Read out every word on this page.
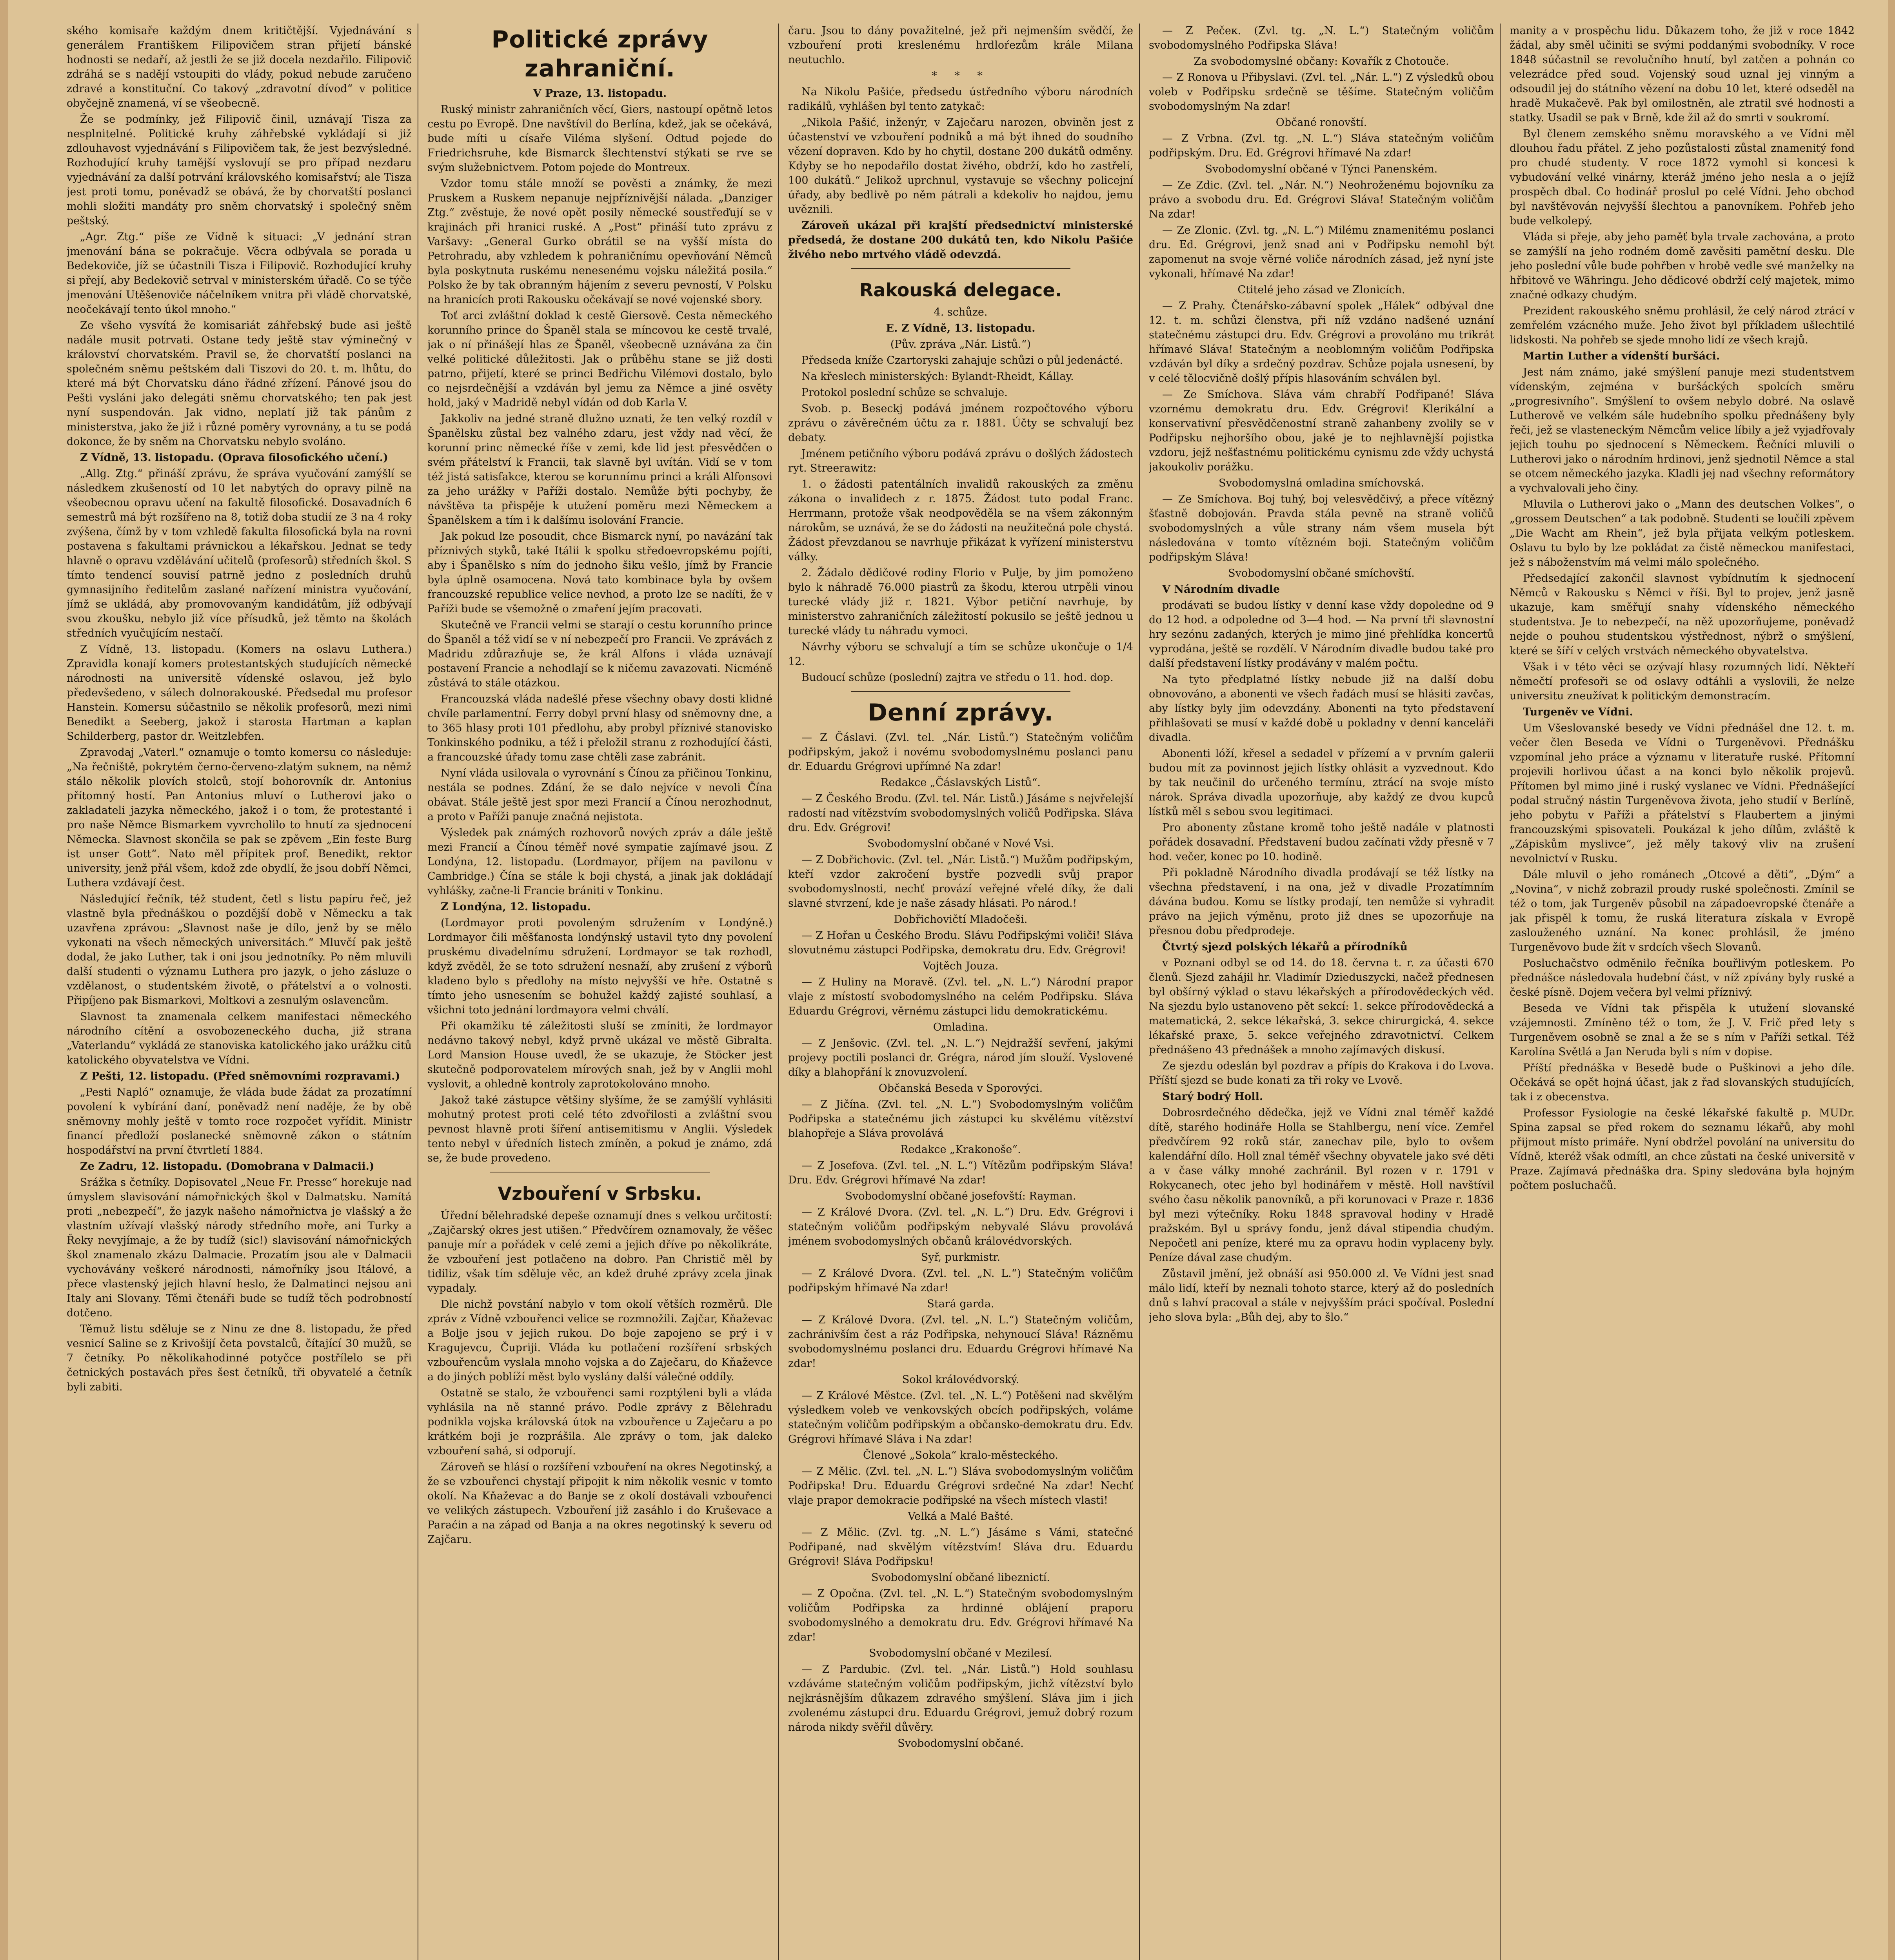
ského komisaře každým dnem kritičtější. Vyjednávání s generálem Františkem Filipovičem stran přijetí bánské hodnosti se nedaří, až jestli že se již docela nezdařilo. Filipovič zdráhá se s nadějí vstoupiti do vlády, pokud nebude zaručeno zdravé a konstituční. Co takový „zdravotní dívod“ v politice obyčejně znamená, ví se všeobecně.

Že se podmínky, jež Filipovič činil, uznávají Tisza za nesplnitelné. Politické kruhy záhřebské vykládají si již zdlouhavost vyjednávání s Filipovičem tak, že jest bezvýsledné. Rozhodující kruhy tamější vyslovují se pro případ nezdaru vyjednávání za další potrvání královského komisařství; ale Tisza jest proti tomu, poněvadž se obává, že by chorvatští poslanci mohli složiti mandáty pro sněm chorvatský i společný sněm peštský.

„Agr. Ztg.“ píše ze Vídně k situaci: „V jednání stran jmenování bána se pokračuje. Věcra odbývala se porada u Bedekoviče, jíž se účastnili Tisza i Filipovič. Rozhodující kruhy si přejí, aby Bedekovič setrval v ministerském úřadě. Co se týče jmenování Utěšenoviče náčelníkem vnitra při vládě chorvatské, neočekávají tento úkol mnoho.“

Ze všeho vysvítá že komisariát záhřebský bude asi ještě nadále musit potrvati. Ostane tedy ještě stav výminečný v království chorvatském. Pravil se, že chorvatští poslanci na společném sněmu peštském dali Tiszovi do 20. t. m. lhůtu, do které má být Chorvatsku dáno řádné zřízení. Pánové jsou do Pešti vysláni jako delegáti sněmu chorvatského; ten pak jest nyní suspendován. Jak vidno, neplatí již tak pánům z ministerstva, jako že již i různé poměry vyrovnány, a tu se podá dokonce, že by sněm na Chorvatsku nebylo svoláno.

Z Vídně, 13. listopadu. (Oprava filosofického učení.)

„Allg. Ztg.“ přináší zprávu, že správa vyučování zamýšlí se následkem zkušeností od 10 let nabytých do opravy pilně na všeobecnou opravu učení na fakultě filosofické. Dosavadních 6 semestrů má být rozšířeno na 8, totiž doba studií ze 3 na 4 roky zvýšena, čímž by v tom vzhledě fakulta filosofická byla na rovni postavena s fakultami právnickou a lékařskou. Jednat se tedy hlavně o opravu vzdělávání učitelů (profesorů) středních škol. S tímto tendencí souvisí patrně jedno z posledních druhů gymnasijního ředitelům zaslané nařízení ministra vyučování, jímž se ukládá, aby promovovaným kandidátům, jíž odbývají svou zkoušku, nebylo již více přísudků, jež těmto na školách středních vyučujícím nestačí.

Z Vídně, 13. listopadu. (Komers na oslavu Luthera.) Zpravidla konají komers protestantských studujících německé národnosti na universitě vídenské oslavou, jež bylo předevšedeno, v sálech dolnorakouské. Předsedal mu profesor Hanstein. Komersu súčastnilo se několik profesorů, mezi nimi Benedikt a Seeberg, jakož i starosta Hartman a kaplan Schilderberg, pastor dr. Weitzlebfen.

Zpravodaj „Vaterl.“ oznamuje o tomto komersu co následuje: „Na řečniště, pokrytém černo-červeno-zlatým suknem, na němž stálo několik plovích stolců, stojí bohorovník dr. Antonius přítomný hostí. Pan Antonius mluví o Lutherovi jako o zakladateli jazyka německého, jakož i o tom, že protestanté i pro naše Němce Bismarkem vyvrcholilo to hnutí za sjednocení Německa. Slavnost skončila se pak se zpěvem „Ein feste Burg ist unser Gott“. Nato měl přípitek prof. Benedikt, rektor university, jenž přál všem, kdož zde obydlí, že jsou dobří Němci, Luthera vzdávají čest.

Následující řečník, též student, četl s listu papíru řeč, jež vlastně byla přednáškou o pozdější době v Německu a tak uzavřena zprávou: „Slavnost naše je dílo, jenž by se mělo vykonati na všech německých universitách.“ Mluvčí pak ještě dodal, že jako Luther, tak i oni jsou jednotníky. Po něm mluvili další studenti o významu Luthera pro jazyk, o jeho zásluze o vzdělanost, o studentském životě, o přátelství a o volnosti. Připíjeno pak Bismarkovi, Moltkovi a zesnulým oslavencům.

Slavnost ta znamenala celkem manifestaci německého národního cítění a osvobozeneckého ducha, již strana „Vaterlandu“ vykládá ze stanoviska katolického jako urážku citů katolického obyvatelstva ve Vídni.

Z Pešti, 12. listopadu. (Před sněmovními rozpravami.)

„Pesti Napló“ oznamuje, že vláda bude žádat za prozatímní povolení k vybírání daní, poněvadž není naděje, že by obě sněmovny mohly ještě v tomto roce rozpočet vyřídit. Ministr financí předloží poslanecké sněmovně zákon o státním hospodářství na první čtvrtletí 1884.

Ze Zadru, 12. listopadu. (Domobrana v Dalmacii.)

Srážka s četníky. Dopisovatel „Neue Fr. Presse“ horekuje nad úmyslem slavisování námořnických škol v Dalmatsku. Namítá proti „nebezpečí“, že jazyk našeho námořnictva je vlašský a že vlastním užívají vlašský národy středního moře, ani Turky a Řeky nevyjímaje, a že by tudíž (sic!) slavisování námořnických škol znamenalo zkázu Dalmacie. Prozatím jsou ale v Dalmacii vychovávány veškeré národnosti, námořníky jsou Itálové, a přece vlastenský jejich hlavní heslo, že Dalmatinci nejsou ani Italy ani Slovany. Těmi čtenáři bude se tudíž těch podrobností dotčeno.

Těmuž listu sděluje se z Ninu ze dne 8. listopadu, že před vesnicí Saline se z Krivošijí četa povstalců, čítající 30 mužů, se 7 četníky. Po několikahodinné potyčce postřílelo se při četnických postavách přes šest četníků, tři obyvatelé a četník byli zabiti.

Politické zprávy zahraniční.

V Praze, 13. listopadu.

Ruský ministr zahraničních věcí, Giers, nastoupí opětně letos cestu po Evropě. Dne navštívil do Berlína, kdež, jak se očekává, bude míti u císaře Viléma slyšení. Odtud pojede do Friedrichsruhe, kde Bismarck šlechtenství stýkati se rve se svým služebnictvem. Potom pojede do Montreux.

Vzdor tomu stále množí se pověsti a známky, že mezi Pruskem a Ruskem nepanuje nejpříznivější nálada. „Danziger Ztg.“ zvěstuje, že nové opět posily německé soustřeďují se v krajinách při hranici ruské. A „Post“ přináší tuto zprávu z Varšavy: „General Gurko obrátil se na vyšší místa do Petrohradu, aby vzhledem k pohraničnímu opevňování Němců byla poskytnuta ruskému nenesenému vojsku náležitá posila.“ Polsko že by tak obranným hájením z severu pevností, V Polsku na hranicích proti Rakousku očekávají se nové vojenské sbory.

Toť arci zvláštní doklad k cestě Giersově. Cesta německého korunního prince do Španěl stala se míncovou ke cestě trvalé, jak o ní přinášejí hlas ze Španěl, všeobecně uznávána za čin velké politické důležitosti. Jak o průběhu stane se již dosti patrno, přijetí, které se princi Bedřichu Vilémovi dostalo, bylo co nejsrdečnější a vzdáván byl jemu za Němce a jiné osvěty hold, jaký v Madridě nebyl vídán od dob Karla V.

Jakkoliv na jedné straně dlužno uznati, že ten velký rozdíl v Španělsku zůstal bez valného zdaru, jest vždy nad věcí, že korunní princ německé říše v zemi, kde lid jest přesvědčen o svém přátelství k Francii, tak slavně byl uvítán. Vidí se v tom též jistá satisfakce, kterou se korunnímu princi a králi Alfonsovi za jeho urážky v Paříži dostalo. Nemůže býti pochyby, že návštěva ta přispěje k utužení poměru mezi Německem a Španělskem a tím i k dalšímu isolování Francie.

Jak pokud lze posoudit, chce Bismarck nyní, po navázání tak příznivých styků, také Itálii k spolku středoevropskému pojíti, aby i Španělsko s ním do jednoho šiku vešlo, jímž by Francie byla úplně osamocena. Nová tato kombinace byla by ovšem francouzské republice velice nevhod, a proto lze se nadíti, že v Paříži bude se všemožně o zmaření jejím pracovati.

Skutečně ve Francii velmi se starají o cestu korunního prince do Španěl a též vidí se v ní nebezpečí pro Francii. Ve zprávách z Madridu zdůrazňuje se, že král Alfons i vláda uznávají postavení Francie a nehodlají se k ničemu zavazovati. Nicméně zůstává to stále otázkou.

Francouzská vláda nadešlé přese všechny obavy dosti klidné chvíle parlamentní. Ferry dobyl první hlasy od sněmovny dne, a to 365 hlasy proti 101 předlohu, aby probyl příznivé stanovisko Tonkinského podniku, a též i přeložil stranu z rozhodující části, a francouzské úřady tomu zase chtěli zase zabránit.

Nyní vláda usilovala o vyrovnání s Čínou za přičinou Tonkinu, nestála se podnes. Zdání, že se dalo nejvíce v nevoli Čína obávat. Stále ještě jest spor mezi Francií a Čínou nerozhodnut, a proto v Paříži panuje značná nejistota.

Výsledek pak známých rozhovorů nových zpráv a dále ještě mezi Francií a Čínou téměř nové sympatie zajímavé jsou. Z Londýna, 12. listopadu. (Lordmayor, příjem na pavilonu v Cambridge.) Čína se stále k boji chystá, a jinak jak dokládají vyhlášky, začne-li Francie brániti v Tonkinu.

Z Londýna, 12. listopadu.

(Lordmayor proti povoleným sdružením v Londýně.) Lordmayor čili měšťanosta londýnský ustavil tyto dny povolení pruskému divadelnímu sdružení. Lordmayor se tak rozhodl, když zvěděl, že se toto sdružení nesnaží, aby zrušení z výborů kladeno bylo s předlohy na místo nejvyšší ve hře. Ostatně s tímto jeho usnesením se bohužel každý zajisté souhlasí, a všichni toto jednání lordmayora velmi chválí.

Při okamžiku té záležitosti sluší se zmíniti, že lordmayor nedávno takový nebyl, když prvně ukázal ve městě Gibralta. Lord Mansion House uvedl, že se ukazuje, že Stöcker jest skutečně podporovatelem mírových snah, jež by v Anglii mohl vyslovit, a ohledně kontroly zaprotokolováno mnoho.

Jakož také zástupce většiny slyšíme, že se zamýšlí vyhlásiti mohutný protest proti celé této zdvořilosti a zvláštní svou pevnost hlavně proti šíření antisemitismu v Anglii. Výsledek tento nebyl v úředních listech zmíněn, a pokud je známo, zdá se, že bude provedeno.

Vzbouření v Srbsku.

Úřední bělehradské depeše oznamují dnes s velkou určitostí: „Zajčarský okres jest utišen.“ Předvčírem oznamovaly, že věšec panuje mír a pořádek v celé zemi a jejich dříve po několikráte, že vzbouření jest potlačeno na dobro. Pan Christič měl by tidiliz, však tím sděluje věc, an kdež druhé zprávy zcela jinak vypadaly.

Dle nichž povstání nabylo v tom okolí větších rozměrů. Dle zpráv z Vídně vzbouřenci velice se rozmnožili. Zajčar, Kňaževac a Bolje jsou v jejich rukou. Do boje zapojeno se prý i v Kragujevcu, Čupriji. Vláda ku potlačení rozšíření srbských vzbouřencům vyslala mnoho vojska a do Zaječaru, do Kňaževce a do jiných poblíží měst bylo vyslány další válečné oddíly.

Ostatně se stalo, že vzbouřenci sami rozptýleni byli a vláda vyhlásila na ně stanné právo. Podle zprávy z Bělehradu podnikla vojska královská útok na vzbouřence u Zaječaru a po krátkém boji je rozprášila. Ale zprávy o tom, jak daleko vzbouření sahá, si odporují.

Zároveň se hlásí o rozšíření vzbouření na okres Negotinský, a že se vzbouřenci chystají připojit k nim několik vesnic v tomto okolí. Na Kňaževac a do Banje se z okolí dostávali vzbouřenci ve velikých zástupech. Vzbouření již zasáhlo i do Kruševace a Paraćin a na západ od Banja a na okres negotinský k severu od Zajčaru.

čaru. Jsou to dány považitelné, jež při nejmenším svědčí, že vzbouření proti kreslenému hrdloŕezům krále Milana neutuchlo.

* * *

Na Nikolu Pašiće, předsedu ústředního výboru národních radikálů, vyhlášen byl tento zatykač:

„Nikola Pašić, inženýr, v Zaječaru narozen, obviněn jest z účastenství ve vzbouření podniků a má být ihned do soudního vězení dopraven. Kdo by ho chytil, dostane 200 dukátů odměny. Kdyby se ho nepodařilo dostat živého, obdrží, kdo ho zastřelí, 100 dukátů.“ Jelikož uprchnul, vystavuje se všechny policejní úřady, aby bedlivě po něm pátrali a kdekoliv ho najdou, jemu uvěznili.

Zároveň ukázal při krajští předsednictví ministerské předsedá, že dostane 200 dukátů ten, kdo Nikolu Pašiće živého nebo mrtvého vládě odevzdá.

Rakouská delegace.

4. schůze.

E. Z Vídně, 13. listopadu.

(Pův. zpráva „Nár. Listů.“)

Předseda kníže Czartoryski zahajuje schůzi o půl jedenácté.

Na křeslech ministerských: Bylandt-Rheidt, Kállay.

Protokol poslední schůze se schvaluje.

Svob. p. Beseckj podává jménem rozpočtového výboru zprávu o závěrečném účtu za r. 1881. Účty se schvalují bez debaty.

Jménem petičního výboru podává zprávu o došlých žádostech ryt. Streerawitz:

1. o žádosti patentálních invalidů rakouských za změnu zákona o invalidech z r. 1875. Žádost tuto podal Franc. Herrmann, protože však neodpověděla se na všem zákonným nárokům, se uznává, že se do žádosti na neužitečná pole chystá. Žádost převzdanou se navrhuje přikázat k vyřízení ministerstvu války.

2. Žádalo dědičové rodiny Florio v Pulje, by jim pomoženo bylo k náhradě 76.000 piastrů za škodu, kterou utrpěli vinou turecké vlády již r. 1821. Výbor petiční navrhuje, by ministerstvo zahraničních záležitostí pokusilo se ještě jednou u turecké vlády tu náhradu vymoci.

Návrhy výboru se schvalují a tím se schůze ukončuje o 1/4 12.

Budoucí schůze (poslední) zajtra ve středu o 11. hod. dop.

Denní zprávy.

— Z Čáslavi. (Zvl. tel. „Nár. Listů.“) Statečným voličům podřipským, jakož i novému svobodomyslnému poslanci panu dr. Eduardu Grégrovi upřímné Na zdar!

Redakce „Čáslavských Listů“.

— Z Českého Brodu. (Zvl. tel. Nár. Listů.) Jásáme s nejvřelejší radostí nad vítězstvím svobodomyslných voličů Podřipska. Sláva dru. Edv. Grégrovi!

Svobodomyslní občané v Nové Vsi.

— Z Dobřichovic. (Zvl. tel. „Nár. Listů.“) Mužům podřipským, kteří vzdor zakročení bystře pozvedli svůj prapor svobodomyslnosti, nechť provází veřejné vřelé díky, že dali slavné stvrzení, kde je naše zásady hlásati. Po národ.!

Dobřichovičtí Mladočeši.

— Z Hořan u Českého Brodu. Slávu Podřipskými voliči! Sláva slovutnému zástupci Podřipska, demokratu dru. Edv. Grégrovi!

Vojtěch Jouza.

— Z Huliny na Moravě. (Zvl. tel. „N. L.“) Národní prapor vlaje z místostí svobodomyslného na celém Podřipsku. Sláva Eduardu Grégrovi, věrnému zástupci lidu demokratickému.

Omladina.

— Z Jenšovic. (Zvl. tel. „N. L.“) Nejdražší sevření, jakými projevy poctili poslanci dr. Grégra, národ jím slouží. Vyslovené díky a blahopřání k znovuzvolení.

Občanská Beseda v Sporovýci.

— Z Jičína. (Zvl. tel. „N. L.“) Svobodomyslným voličům Podřipska a statečnému jich zástupci ku skvělému vítězství blahopřeje a Sláva provolává

Redakce „Krakonoše“.

— Z Josefova. (Zvl. tel. „N. L.“) Vítězům podřipským Sláva! Dru. Edv. Grégrovi hřímavé Na zdar!

Svobodomyslní občané josefovští: Rayman.

— Z Králové Dvora. (Zvl. tel. „N. L.“) Dru. Edv. Grégrovi i statečným voličům podřipským nebyvalé Slávu provolává jménem svobodomyslných občanů královédvorských.

Syř, purkmistr.

— Z Králové Dvora. (Zvl. tel. „N. L.“) Statečným voličům podřipským hřímavé Na zdar!

Stará garda.

— Z Králové Dvora. (Zvl. tel. „N. L.“) Statečným voličům, zachránivším čest a ráz Podřipska, nehynoucí Sláva! Rázněmu svobodomyslnému poslanci dru. Eduardu Grégrovi hřímavé Na zdar!

Sokol královédvorský.

— Z Králové Městce. (Zvl. tel. „N. L.“) Potěšeni nad skvělým výsledkem voleb ve venkovských obcích podřipských, voláme statečným voličům podřipským a občansko-demokratu dru. Edv. Grégrovi hřímavé Sláva i Na zdar!

Členové „Sokola“ kralo-městeckého.

— Z Mělic. (Zvl. tel. „N. L.“) Sláva svobodomyslným voličům Podřipska! Dru. Eduardu Grégrovi srdečné Na zdar! Nechť vlaje prapor demokracie podřipské na všech místech vlasti!

Velká a Malé Bašté.

— Z Mělic. (Zvl. tg. „N. L.“) Jásáme s Vámi, statečné Podřipané, nad skvělým vítězstvím! Sláva dru. Eduardu Grégrovi! Sláva Podřipsku!

Svobodomyslní občané libeznictí.

— Z Opočna. (Zvl. tel. „N. L.“) Statečným svobodomyslným voličům Podřipska za hrdinné oblájení praporu svobodomyslného a demokratu dru. Edv. Grégrovi hřímavé Na zdar!

Svobodomyslní občané v Mezilesí.

— Z Pardubic. (Zvl. tel. „Nár. Listů.“) Hold souhlasu vzdáváme statečným voličům podřipským, jichž vítězství bylo nejkrásnějším důkazem zdravého smýšlení. Sláva jim i jich zvolenému zástupci dru. Eduardu Grégrovi, jemuž dobrý rozum národa nikdy svěřil důvěry.

Svobodomyslní občané.

— Z Pečeк. (Zvl. tg. „N. L.“) Statečným voličům svobodomyslného Podřipska Sláva!

Za svobodomyslné občany: Kovařík z Chotouče.

— Z Ronova u Přibyslavi. (Zvl. tel. „Nár. L.“) Z výsledků obou voleb v Podřipsku srdečně se těšíme. Statečným voličům svobodomyslným Na zdar!

Občané ronovští.

— Z Vrbna. (Zvl. tg. „N. L.“) Sláva statečným voličům podřipským. Dru. Ed. Grégrovi hřímavé Na zdar!

Svobodomyslní občané v Týnci Panenském.

— Ze Zdic. (Zvl. tel. „Nár. N.“) Neohroženému bojovníku za právo a svobodu dru. Ed. Grégrovi Sláva! Statečným voličům Na zdar!

— Ze Zlonic. (Zvl. tg. „N. L.“) Milému znamenitému poslanci dru. Ed. Grégrovi, jenž snad ani v Podřipsku nemohl být zapomenut na svoje věrné voliče národních zásad, jež nyní jste vykonali, hřímavé Na zdar!

Ctitelé jeho zásad ve Zlonicích.

— Z Prahy. Čtenářsko-zábavní spolek „Hálek“ odbýval dne 12. t. m. schůzi členstva, při níž vzdáno nadšené uznání statečnému zástupci dru. Edv. Grégrovi a provoláno mu trikrát hřímavé Sláva! Statečným a neoblomným voličům Podřipska vzdáván byl díky a srdečný pozdrav. Schůze pojala usnesení, by v celé tělocvičně došlý přípis hlasováním schválen byl.

— Ze Smíchova. Sláva vám chrabří Podřipané! Sláva vzornému demokratu dru. Edv. Grégrovi! Klerikální a konservativní přesvědčenostní straně zahanbeny zvolily se v Podřipsku nejhoršího obou, jaké je to nejhlavnější pojistka vzdoru, jejž nešťastnému politickému cynismu zde vždy uchystá jakoukoliv porážku.

Svobodomyslná omladina smíchovská.

— Ze Smíchova. Boj tuhý, boj velesvědčivý, a přece vítězný šťastně dobojován. Pravda stála pevně na straně voličů svobodomyslných a vůle strany nám všem musela být následována v tomto vítězném boji. Statečným voličům podřipským Sláva!

Svobodomyslní občané smíchovští.

V Národním divadle

prodávati se budou lístky v denní kase vždy dopoledne od 9 do 12 hod. a odpoledne od 3—4 hod. — Na první tři slavnostní hry sezónu zadaných, kterých je mimo jiné přehlídka koncertů vyprodána, ještě se rozdělí. V Národním divadle budou také pro další představení lístky prodávány v malém počtu.

Na tyto předplatné lístky nebude již na další dobu obnovováno, a abonenti ve všech řadách musí se hlásiti zavčas, aby lístky byly jim odevzdány. Abonenti na tyto představení přihlašovati se musí v každé době u pokladny v denní kanceláři divadla.

Abonenti lóží, křesel a sedadel v přízemí a v prvním galerii budou mít za povinnost jejich lístky ohlásit a vyzvednout. Kdo by tak neučinil do určeného termínu, ztrácí na svoje místo nárok. Správa divadla upozorňuje, aby každý ze dvou kupců lístků měl s sebou svou legitimaci.

Pro abonenty zůstane kromě toho ještě nadále v platnosti pořádek dosavadní. Představení budou začínati vždy přesně v 7 hod. večer, konec po 10. hodině.

Při pokladně Národního divadla prodávají se též lístky na všechna představení, i na ona, jež v divadle Prozatímním dávána budou. Komu se lístky prodají, ten nemůže si vyhradit právo na jejich výměnu, proto již dnes se upozorňuje na přesnou dobu předprodeje.

Čtvrtý sjezd polských lékařů a přírodníků

v Poznani odbyl se od 14. do 18. června t. r. za účasti 670 členů. Sjezd zahájil hr. Vladimír Dzieduszycki, načež přednesen byl obšírný výklad o stavu lékařských a přírodovědeckých věd. Na sjezdu bylo ustanoveno pět sekcí: 1. sekce přírodovědecká a matematická, 2. sekce lékařská, 3. sekce chirurgická, 4. sekce lékařské praxe, 5. sekce veřejného zdravotnictví. Celkem přednášeno 43 přednášek a mnoho zajímavých diskusí.

Ze sjezdu odeslán byl pozdrav a přípis do Krakova i do Lvova. Příští sjezd se bude konati za tři roky ve Lvově.

Starý bodrý Holl.

Dobrosrdečného dědečka, jejž ve Vídni znal téměř každé dítě, starého hodináře Holla se Stahlbergu, není více. Zemřel předvčírem 92 roků stár, zanechav pile, bylo to ovšem kalendářní dílo. Holl znal téměř všechny obyvatele jako své děti a v čase války mnohé zachránil. Byl rozen v r. 1791 v Rokycanech, otec jeho byl hodinářem v městě. Holl navštívil svého času několik panovníků, a při korunovaci v Praze r. 1836 byl mezi výtečníky. Roku 1848 spravoval hodiny v Hradě pražském. Byl u správy fondu, jenž dával stipendia chudým. Nepočetl ani peníze, které mu za opravu hodin vyplaceny byly. Peníze dával zase chudým.

Zůstavil jmění, jež obnáší asi 950.000 zl. Ve Vídni jest snad málo lidí, kteří by neznali tohoto starce, který až do posledních dnů s lahví pracoval a stále v nejvyšším práci spočíval. Poslední jeho slova byla: „Bůh dej, aby to šlo.“

manity a v prospěchu lidu. Důkazem toho, že již v roce 1842 žádal, aby směl učiniti se svými poddanými svobodníky. V roce 1848 súčastnil se revolučního hnutí, byl zatčen a pohnán co velezrádce před soud. Vojenský soud uznal jej vinným a odsoudil jej do státního vězení na dobu 10 let, které odseděl na hradě Mukačevě. Pak byl omilostněn, ale ztratil své hodnosti a statky. Usadil se pak v Brně, kde žil až do smrti v soukromí.

Byl členem zemského sněmu moravského a ve Vídni měl dlouhou řadu přátel. Z jeho pozůstalosti zůstal znamenitý fond pro chudé studenty. V roce 1872 vymohl si koncesi k vybudování velké vinárny, kteráž jméno jeho nesla a o jejíž prospěch dbal. Co hodinář proslul po celé Vídni. Jeho obchod byl navštěvován nejvyšší šlechtou a panovníkem. Pohřeb jeho bude velkolepý.

Vláda si přeje, aby jeho paměť byla trvale zachována, a proto se zamýšlí na jeho rodném domě zavěsiti pamětní desku. Dle jeho poslední vůle bude pohřben v hrobě vedle své manželky na hřbitově ve Währingu. Jeho dědicové obdrží celý majetek, mimo značné odkazy chudým.

Prezident rakouského sněmu prohlásil, že celý národ ztrácí v zemřelém vzácného muže. Jeho život byl příkladem ušlechtilé lidskosti. Na pohřeb se sjede mnoho lidí ze všech krajů.

Martin Luther a vídenští buršáci.

Jest nám známo, jaké smýšlení panuje mezi studentstvem vídenským, zejména v buršáckých spolcích směru „progresivního“. Smýšlení to ovšem nebylo dobré. Na oslavě Lutherově ve velkém sále hudebního spolku přednášeny byly řeči, jež se vlasteneckým Němcům velice líbily a jež vyjadřovaly jejich touhu po sjednocení s Německem. Řečníci mluvili o Lutherovi jako o národním hrdinovi, jenž sjednotil Němce a stal se otcem německého jazyka. Kladli jej nad všechny reformátory a vychvalovali jeho činy.

Mluvila o Lutherovi jako o „Mann des deutschen Volkes“, o „grossem Deutschen“ a tak podobně. Studenti se loučili zpěvem „Die Wacht am Rhein“, jež byla přijata velkým potleskem. Oslavu tu bylo by lze pokládat za čistě německou manifestaci, jež s náboženstvím má velmi málo společného.

Předsedající zakončil slavnost vybídnutím k sjednocení Němců v Rakousku s Němci v říši. Byl to projev, jenž jasně ukazuje, kam směřují snahy vídenského německého studentstva. Je to nebezpečí, na něž upozorňujeme, poněvadž nejde o pouhou studentskou výstřednost, nýbrž o smýšlení, které se šíří v celých vrstvách německého obyvatelstva.

Však i v této věci se ozývají hlasy rozumných lidí. Někteří němečtí profesoři se od oslavy odtáhli a vyslovili, že nelze universitu zneužívat k politickým demonstracím.

Turgeněv ve Vídni.

Um Všeslovanské besedy ve Vídni přednášel dne 12. t. m. večer člen Beseda ve Vídni o Turgeněvovi. Přednášku vzpomínal jeho práce a významu v literatuře ruské. Přítomní projevili horlivou účast a na konci bylo několik projevů. Přítomen byl mimo jiné i ruský vyslanec ve Vídni. Přednášející podal stručný nástin Turgeněvova života, jeho studií v Berlíně, jeho pobytu v Paříži a přátelství s Flaubertem a jinými francouzskými spisovateli. Poukázal k jeho dílům, zvláště k „Zápiskům myslivce“, jež měly takový vliv na zrušení nevolnictví v Rusku.

Dále mluvil o jeho románech „Otcové a děti“, „Dým“ a „Novina“, v nichž zobrazil proudy ruské společnosti. Zmínil se též o tom, jak Turgeněv působil na západoevropské čtenáře a jak přispěl k tomu, že ruská literatura získala v Evropě zaslouženého uznání. Na konec prohlásil, že jméno Turgeněvovo bude žít v srdcích všech Slovanů.

Posluchačstvo odměnilo řečníka bouřlivým potleskem. Po přednášce následovala hudební část, v níž zpívány byly ruské a české písně. Dojem večera byl velmi příznivý.

Beseda ve Vídni tak přispěla k utužení slovanské vzájemnosti. Zmíněno též o tom, že J. V. Frič před lety s Turgeněvem osobně se znal a že se s ním v Paříži setkal. Též Karolína Světlá a Jan Neruda byli s ním v dopise.

Příští přednáška v Besedě bude o Puškinovi a jeho díle. Očekává se opět hojná účast, jak z řad slovanských studujících, tak i z obecenstva.

Professor Fysiologie na české lékařské fakultě p. MUDr. Spina zapsal se před rokem do seznamu lékařů, aby mohl přijmout místo primáře. Nyní obdržel povolání na universitu do Vídně, kteréž však odmítl, an chce zůstati na české universitě v Praze. Zajímavá přednáška dra. Spiny sledována byla hojným počtem posluchačů.
